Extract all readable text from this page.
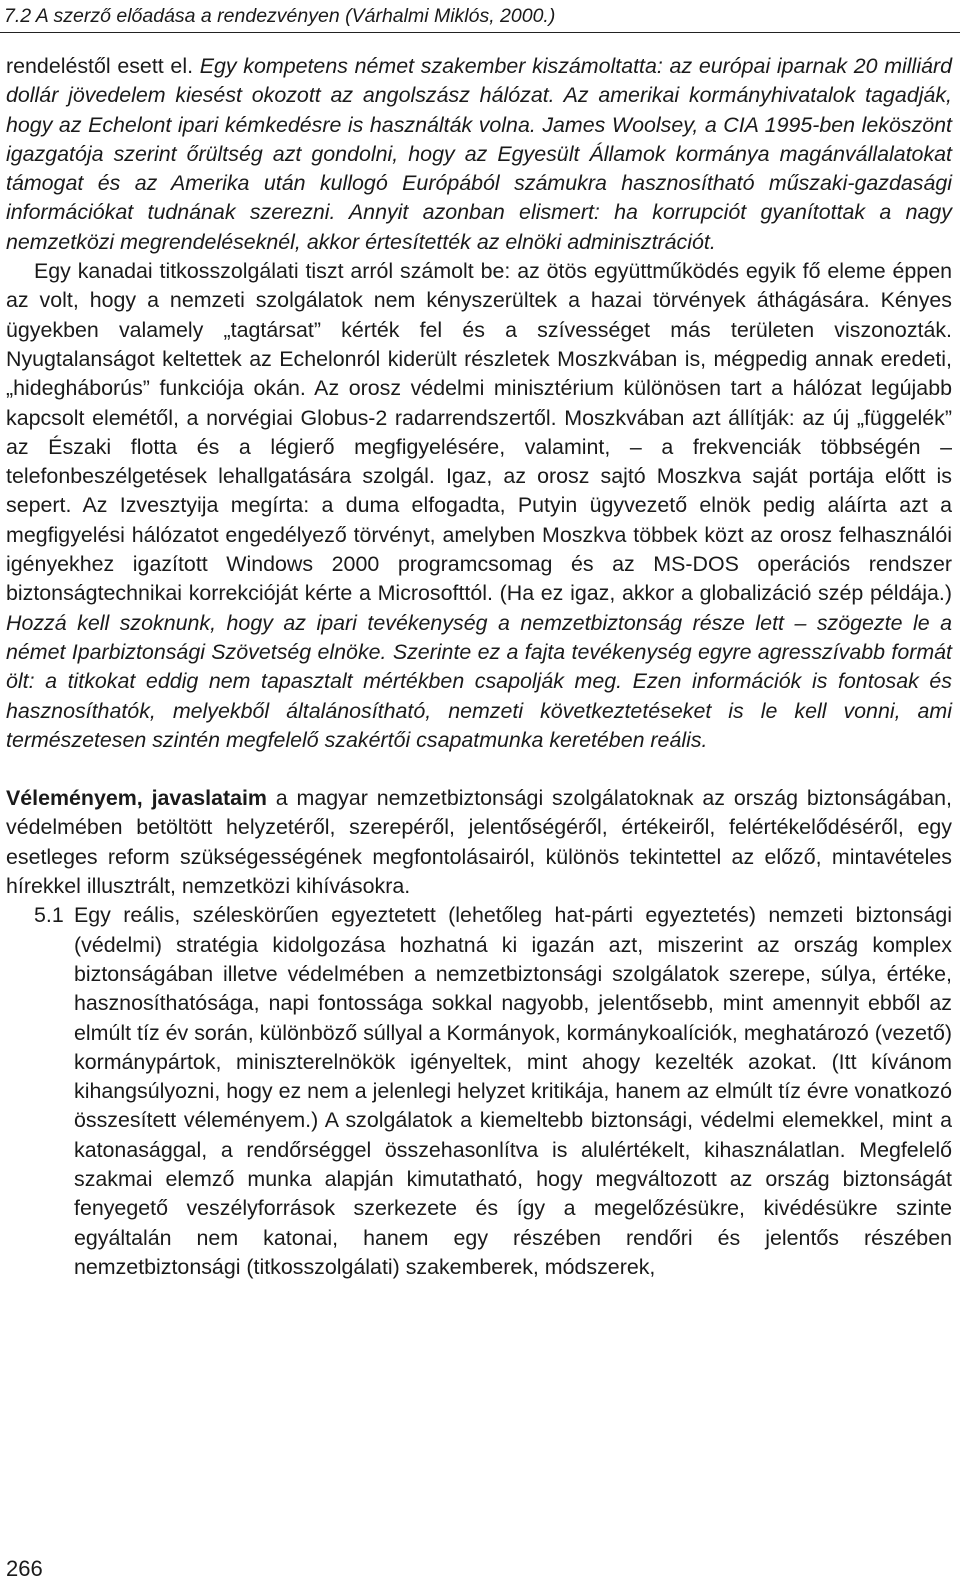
7.2 A szerző előadása a rendezvényen (Várhalmi Miklós, 2000.)

rendeléstől esett el. Egy kompetens német szakember kiszámoltatta: az európai iparnak 20 milliárd dollár jövedelem kiesést okozott az angolszász hálózat. Az amerikai kormányhivatalok tagadják, hogy az Echelont ipari kémkedésre is használták volna. James Woolsey, a CIA 1995-ben leköszönt igazgatója szerint őrültség azt gondolni, hogy az Egyesült Államok kormánya magánvállalatokat támogat és az Amerika után kullogó Európából számukra hasznosítható műszaki-gazdasági információkat tudnának szerezni. Annyit azonban elismert: ha korrupciót gyanítottak a nagy nemzetközi megrendeléseknél, akkor értesítették az elnöki adminisztrációt.

Egy kanadai titkosszolgálati tiszt arról számolt be: az ötös együttműködés egyik fő eleme éppen az volt, hogy a nemzeti szolgálatok nem kényszerültek a hazai törvények áthágására. Kényes ügyekben valamely „tagtársat” kérték fel és a szívességet más területen viszonozták. Nyugtalanságot keltettek az Echelonról kiderült részletek Moszkvában is, mégpedig annak eredeti, „hidegháborús” funkciója okán. Az orosz védelmi minisztérium különösen tart a hálózat legújabb kapcsolt elemétől, a norvégiai Globus-2 radarrendszertől. Moszkvában azt állítják: az új „függelék” az Északi flotta és a légierő megfigyelésére, valamint, – a frekvenciák többségén – telefonbeszélgetések lehallgatására szolgál. Igaz, az orosz sajtó Moszkva saját portája előtt is sepert. Az Izvesztyija megírta: a duma elfogadta, Putyin ügyvezető elnök pedig aláírta azt a megfigyelési hálózatot engedélyező törvényt, amelyben Moszkva többek közt az orosz felhasználói igényekhez igazított Windows 2000 programcsomag és az MS-DOS operációs rendszer biztonságtechnikai korrekcióját kérte a Microsofttól. (Ha ez igaz, akkor a globalizáció szép példája.) Hozzá kell szoknunk, hogy az ipari tevékenység a nemzetbiztonság része lett – szögezte le a német Iparbiztonsági Szövetség elnöke. Szerinte ez a fajta tevékenység egyre agresszívabb formát ölt: a titkokat eddig nem tapasztalt mértékben csapolják meg. Ezen információk is fontosak és hasznosíthatók, melyekből általánosítható, nemzeti következtetéseket is le kell vonni, ami természetesen szintén megfelelő szakértői csapatmunka keretében reális.

Véleményem, javaslataim a magyar nemzetbiztonsági szolgálatoknak az ország biztonságában, védelmében betöltött helyzetéről, szerepéről, jelentőségéről, értékeiről, felértékelődéséről, egy esetleges reform szükségességének megfontolásairól, különös tekintettel az előző, mintavételes hírekkel illusztrált, nemzetközi kihívásokra.

5.1 Egy reális, széleskörűen egyeztetett (lehetőleg hat-párti egyeztetés) nemzeti biztonsági (védelmi) stratégia kidolgozása hozhatná ki igazán azt, miszerint az ország komplex biztonságában illetve védelmében a nemzetbiztonsági szolgálatok szerepe, súlya, értéke, hasznosíthatósága, napi fontossága sokkal nagyobb, jelentősebb, mint amennyit ebből az elmúlt tíz év során, különböző súllyal a Kormányok, kormánykoalíciók, meghatározó (vezető) kormánypártok, miniszterelnökök igényeltek, mint ahogy kezelték azokat. (Itt kívánom kihangsúlyozni, hogy ez nem a jelenlegi helyzet kritikája, hanem az elmúlt tíz évre vonatkozó összesített véleményem.) A szolgálatok a kiemeltebb biztonsági, védelmi elemekkel, mint a katonasággal, a rendőrséggel összehasonlítva is alulértékelt, kihasználatlan. Megfelelő szakmai elemző munka alapján kimutatható, hogy megváltozott az ország biztonságát fenyegető veszélyforrások szerkezete és így a megelőzésükre, kivédésükre szinte egyáltalán nem katonai, hanem egy részében rendőri és jelentős részében nemzetbiztonsági (titkosszolgálati) szakemberek, módszerek,

266
